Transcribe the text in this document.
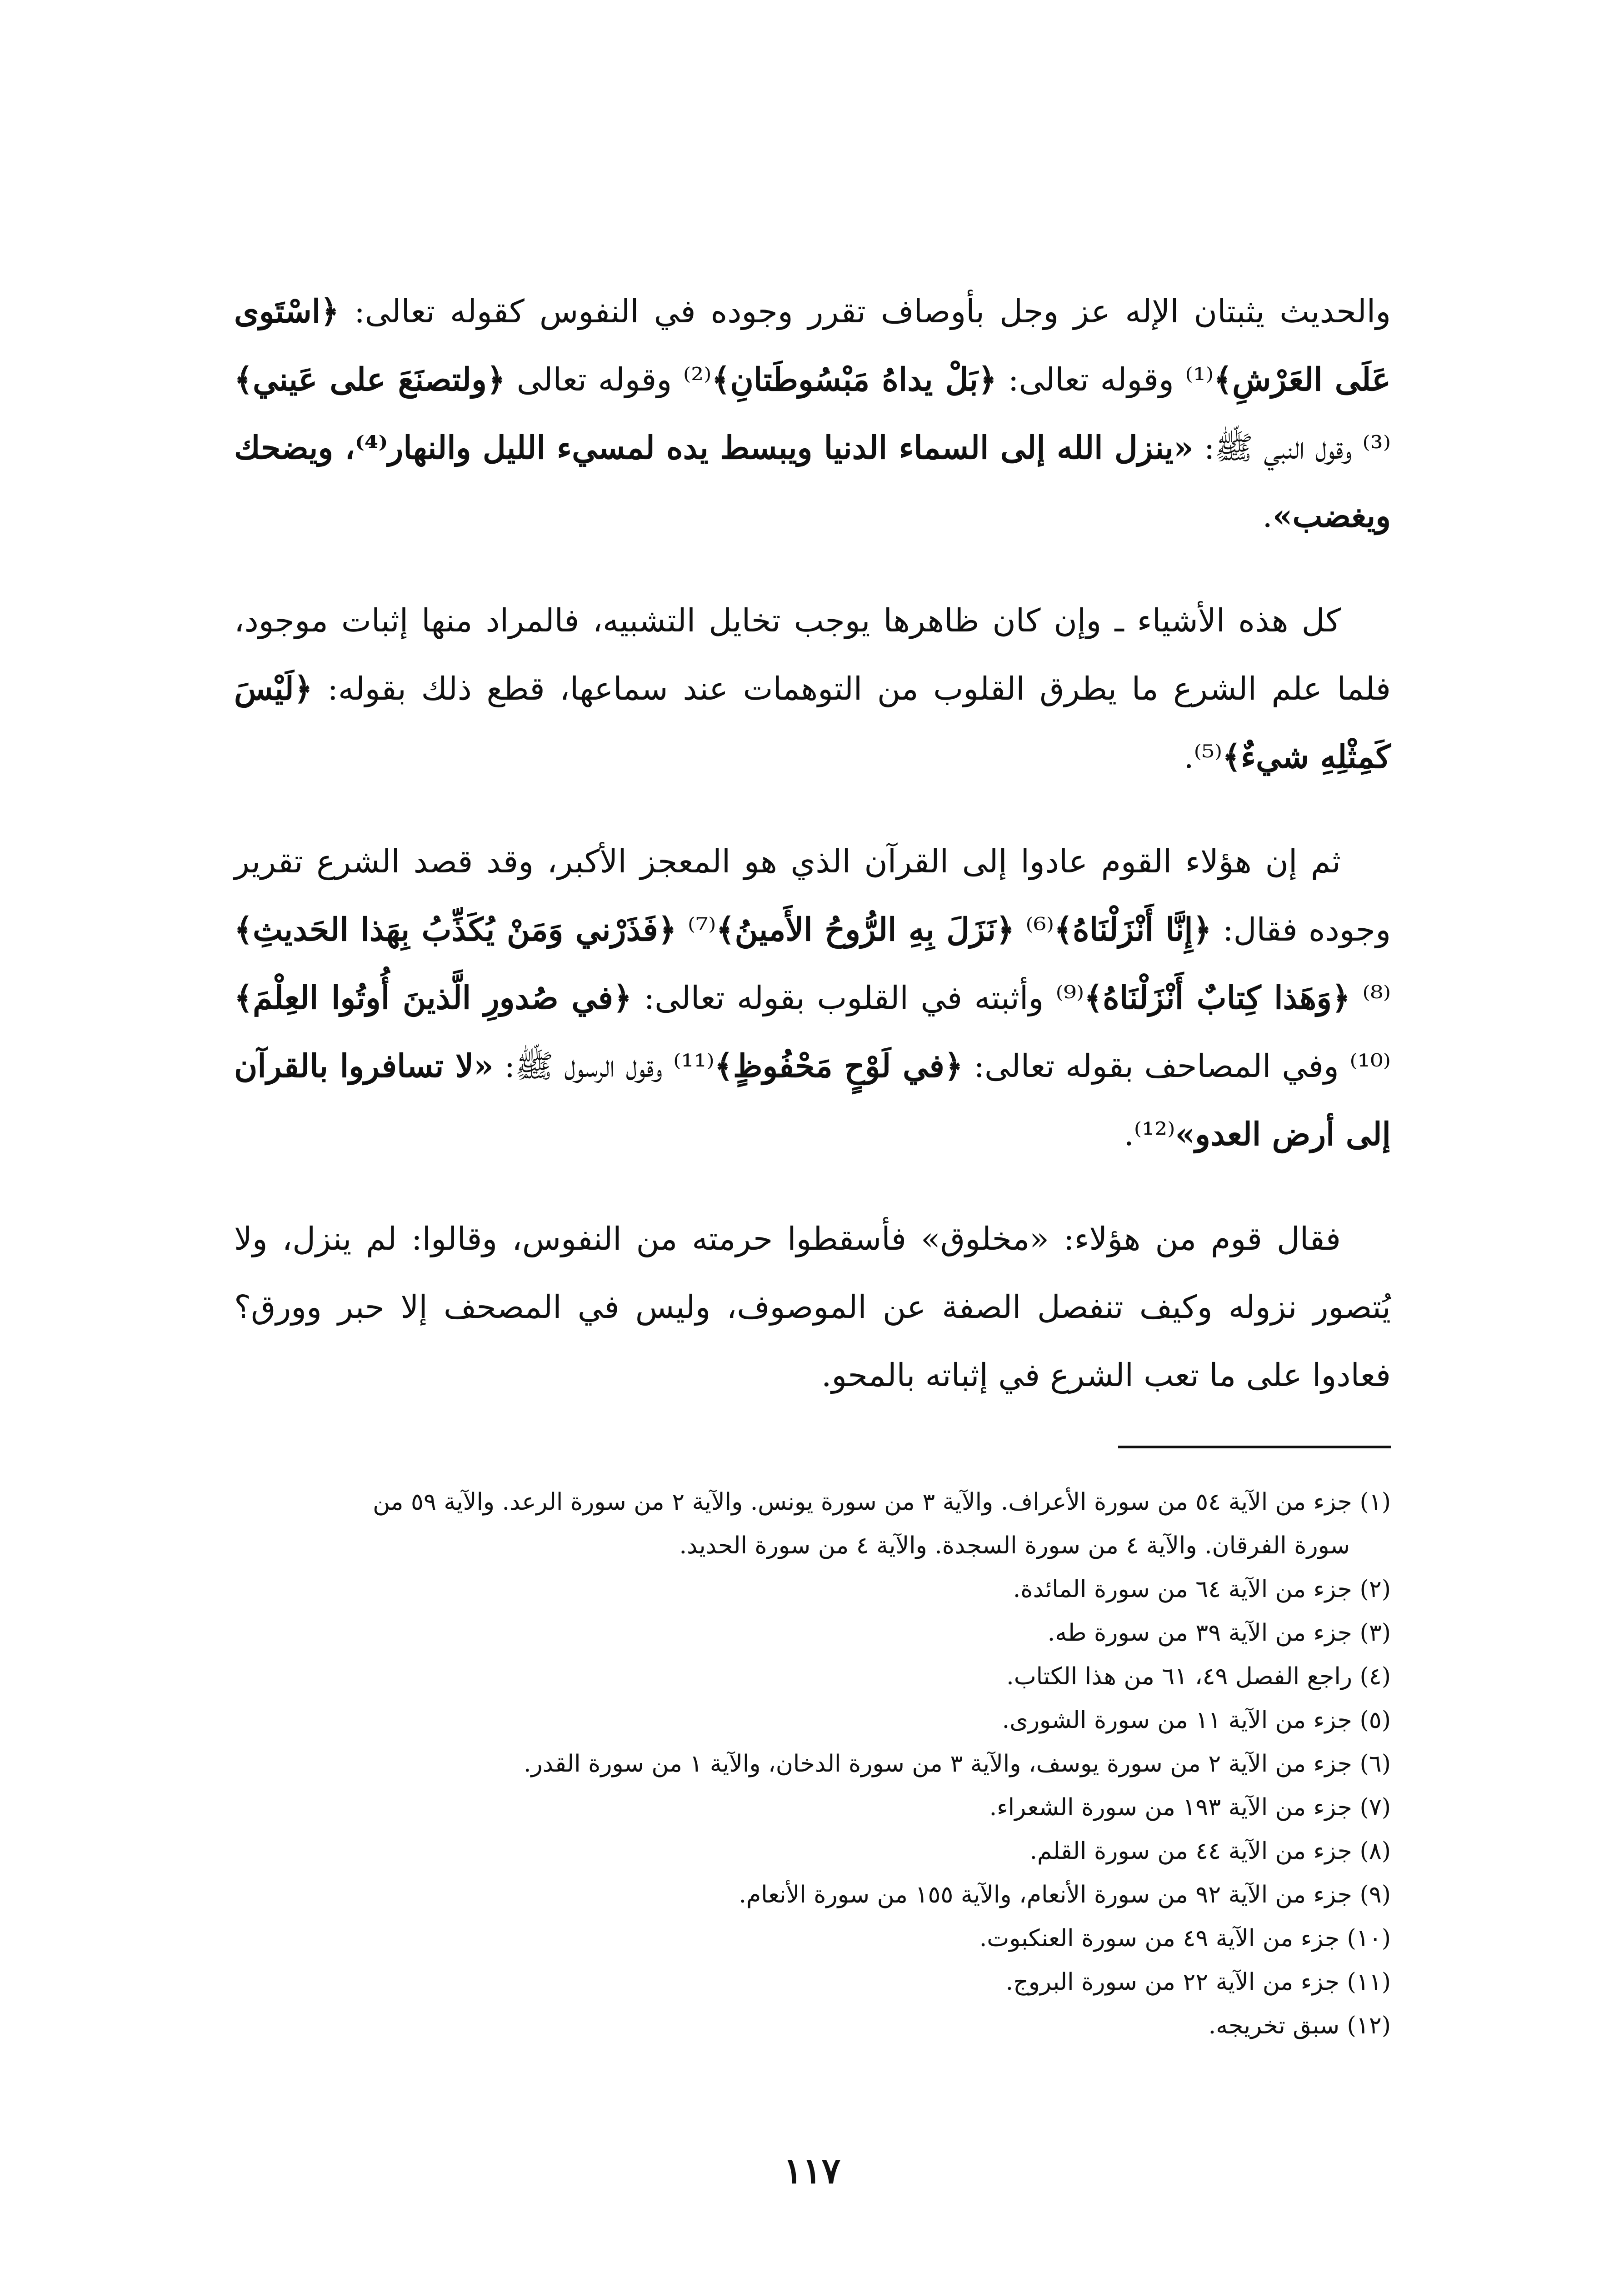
والحديث يثبتان الإله عز وجل بأوصاف تقرر وجوده في النفوس كقوله تعالى: ﴿اسْتَوى عَلَى العَرْشِ﴾⁽¹⁾ وقوله تعالى: ﴿بَلْ يداهُ مَبْسُوطَتانِ﴾⁽²⁾ وقوله تعالى ﴿ولتصنَعَ على عَيني﴾⁽³⁾ وقول النبي ﷺ: «ينزل الله إلى السماء الدنيا ويبسط يده لمسيء الليل والنهار⁽⁴⁾، ويضحك ويغضب».

كل هذه الأشياء ـ وإن كان ظاهرها يوجب تخايل التشبيه، فالمراد منها إثبات موجود، فلما علم الشرع ما يطرق القلوب من التوهمات عند سماعها، قطع ذلك بقوله: ﴿لَيْسَ كَمِثْلِهِ شيءٌ﴾⁽⁵⁾.

ثم إن هؤلاء القوم عادوا إلى القرآن الذي هو المعجز الأكبر، وقد قصد الشرع تقرير وجوده فقال: ﴿إِنَّا أَنْزَلْنَاهُ﴾⁽⁶⁾ ﴿نَزَلَ بِهِ الرُّوحُ الأَمينُ﴾⁽⁷⁾ ﴿فَذَرْني وَمَنْ يُكَذِّبُ بِهَذا الحَديثِ﴾⁽⁸⁾ ﴿وَهَذا كِتابٌ أَنْزَلْنَاهُ﴾⁽⁹⁾ وأثبته في القلوب بقوله تعالى: ﴿في صُدورِ الَّذينَ أُوتُوا العِلْمَ﴾⁽¹⁰⁾ وفي المصاحف بقوله تعالى: ﴿في لَوْحٍ مَحْفُوظٍ﴾⁽¹¹⁾ وقول الرسول ﷺ: «لا تسافروا بالقرآن إلى أرض العدو»⁽¹²⁾.

فقال قوم من هؤلاء: «مخلوق» فأسقطوا حرمته من النفوس، وقالوا: لم ينزل، ولا يُتصور نزوله وكيف تنفصل الصفة عن الموصوف، وليس في المصحف إلا حبر وورق؟ فعادوا على ما تعب الشرع في إثباته بالمحو.

(١) جزء من الآية ٥٤ من سورة الأعراف. والآية ٣ من سورة يونس. والآية ٢ من سورة الرعد. والآية ٥٩ من
سورة الفرقان. والآية ٤ من سورة السجدة. والآية ٤ من سورة الحديد.
(٢) جزء من الآية ٦٤ من سورة المائدة.
(٣) جزء من الآية ٣٩ من سورة طه.
(٤) راجع الفصل ٤٩، ٦١ من هذا الكتاب.
(٥) جزء من الآية ١١ من سورة الشورى.
(٦) جزء من الآية ٢ من سورة يوسف، والآية ٣ من سورة الدخان، والآية ١ من سورة القدر.
(٧) جزء من الآية ١٩٣ من سورة الشعراء.
(٨) جزء من الآية ٤٤ من سورة القلم.
(٩) جزء من الآية ٩٢ من سورة الأنعام، والآية ١٥٥ من سورة الأنعام.
(١٠) جزء من الآية ٤٩ من سورة العنكبوت.
(١١) جزء من الآية ٢٢ من سورة البروج.
(١٢) سبق تخريجه.
١١٧
